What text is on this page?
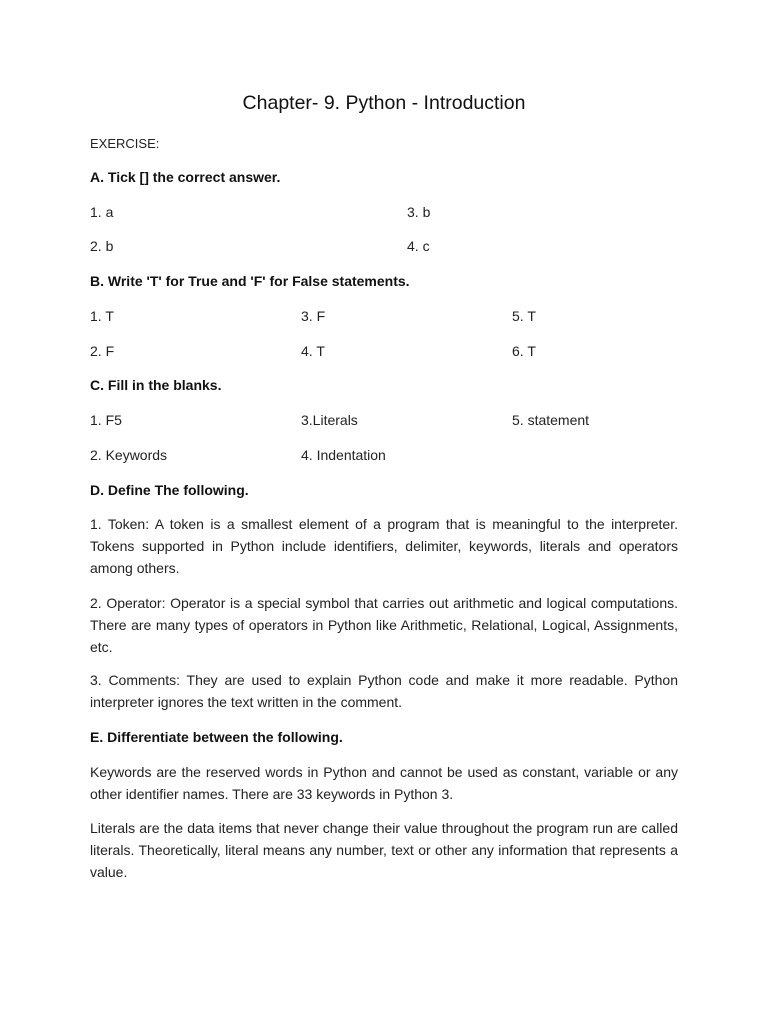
Chapter- 9. Python - Introduction
EXERCISE:
A. Tick [] the correct answer.
1. a	3. b
2. b	4. c
B. Write 'T' for True and 'F' for False statements.
1. T	3. F	5. T
2. F	4. T	6. T
C. Fill in the blanks.
1. F5	3.Literals	5. statement
2. Keywords	4. Indentation
D. Define The following.

1. Token: A token is a smallest element of a program that is meaningful to the interpreter. Tokens supported in Python include identifiers, delimiter, keywords, literals and operators among others.

2. Operator: Operator is a special symbol that carries out arithmetic and logical computations. There are many types of operators in Python like Arithmetic, Relational, Logical, Assignments, etc.

3. Comments: They are used to explain Python code and make it more readable. Python interpreter ignores the text written in the comment.

E. Differentiate between the following.

Keywords are the reserved words in Python and cannot be used as constant, variable or any other identifier names. There are 33 keywords in Python 3.

Literals are the data items that never change their value throughout the program run are called literals. Theoretically, literal means any number, text or other any information that represents a value.
